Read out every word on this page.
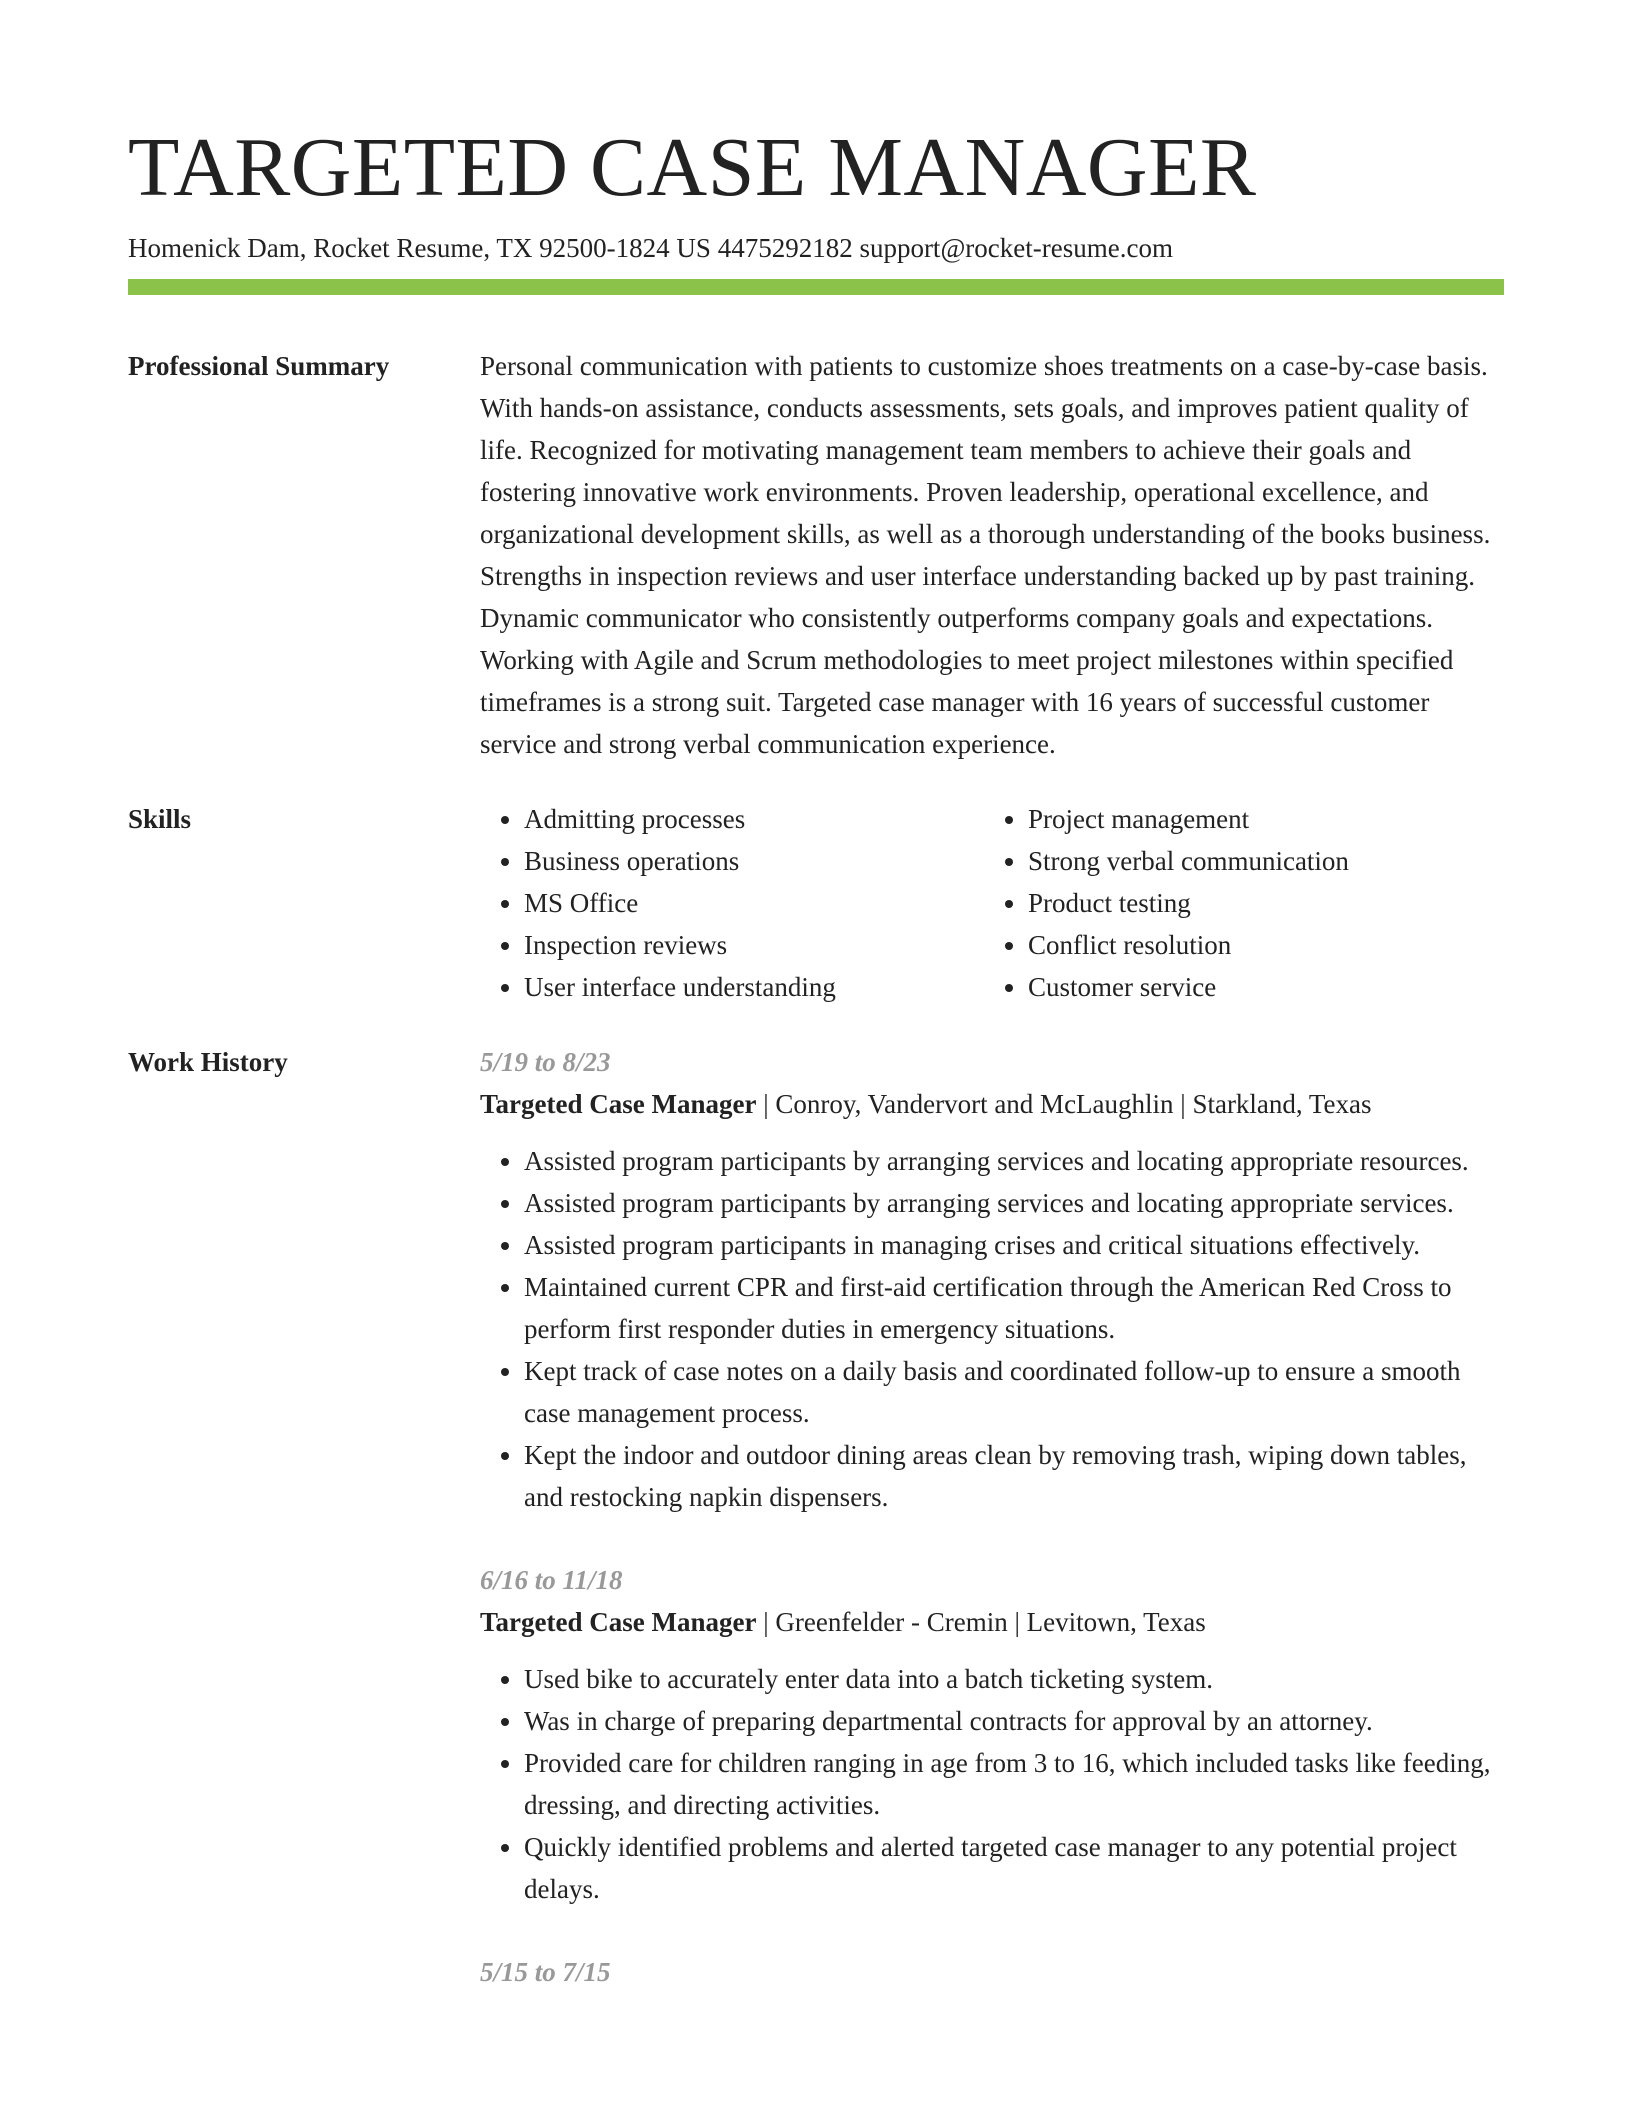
TARGETED CASE MANAGER
Homenick Dam, Rocket Resume, TX 92500-1824 US 4475292182 support@rocket-resume.com
Professional Summary	Personal communication with patients to customize shoes treatments on a case-by-case basis. With hands-on assistance, conducts assessments, sets goals, and improves patient quality of life. Recognized for motivating management team members to achieve their goals and fostering innovative work environments. Proven leadership, operational excellence, and organizational development skills, as well as a thorough understanding of the books business. Strengths in inspection reviews and user interface understanding backed up by past training. Dynamic communicator who consistently outperforms company goals and expectations. Working with Agile and Scrum methodologies to meet project milestones within specified timeframes is a strong suit. Targeted case manager with 16 years of successful customer service and strong verbal communication experience.

Skills
•	Admitting processes
• Business operations
• MS Office
• Inspection reviews
• User interface understanding
• Project management
• Strong verbal communication
• Product testing
• Conflict resolution
• Customer service
Work History	5/19 to 8/23
Targeted Case Manager | Conroy, Vandervort and McLaughlin | Starkland, Texas
• Assisted program participants by arranging services and locating appropriate resources.
• Assisted program participants by arranging services and locating appropriate services.
• Assisted program participants in managing crises and critical situations effectively.
• Maintained current CPR and first-aid certification through the American Red Cross to perform first responder duties in emergency situations.
• Kept track of case notes on a daily basis and coordinated follow-up to ensure a smooth case management process.
• Kept the indoor and outdoor dining areas clean by removing trash, wiping down tables, and restocking napkin dispensers.
6/16 to 11/18
Targeted Case Manager | Greenfelder - Cremin | Levitown, Texas
• Used bike to accurately enter data into a batch ticketing system.
• Was in charge of preparing departmental contracts for approval by an attorney.
• Provided care for children ranging in age from 3 to 16, which included tasks like feeding, dressing, and directing activities.
• Quickly identified problems and alerted targeted case manager to any potential project delays.
5/15 to 7/15
